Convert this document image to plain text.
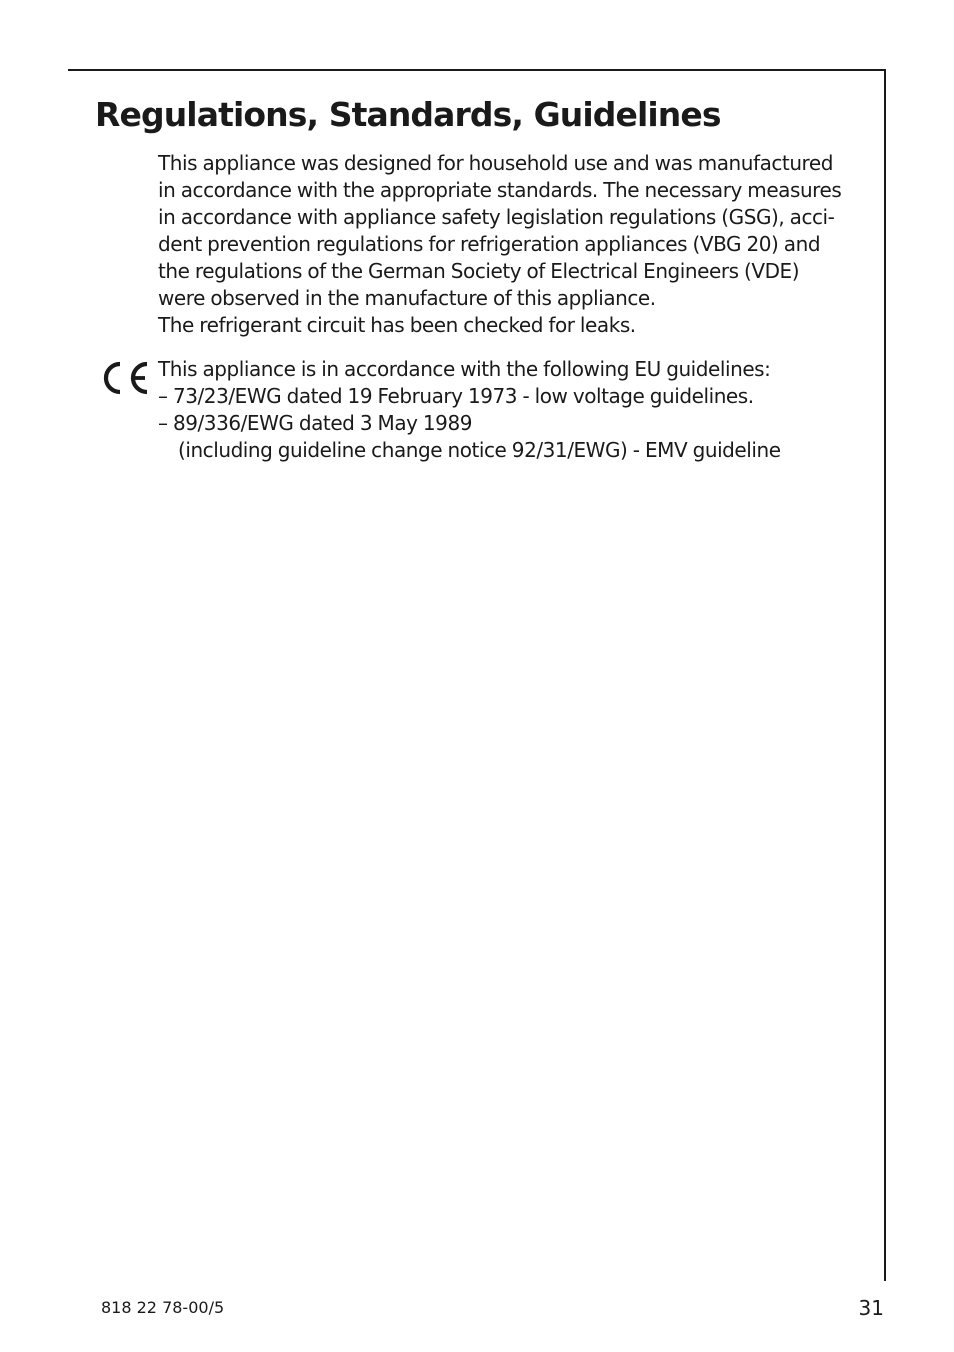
Regulations, Standards, Guidelines
This appliance was designed for household use and was manufactured
in accordance with the appropriate standards. The necessary measures
in accordance with appliance safety legislation regulations (GSG), acci-
dent prevention regulations for refrigeration appliances (VBG 20) and
the regulations of the German Society of Electrical Engineers (VDE)
were observed in the manufacture of this appliance.
The refrigerant circuit has been checked for leaks.
This appliance is in accordance with the following EU guidelines:
– 73/23/EWG dated 19 February 1973 - low voltage guidelines.
– 89/336/EWG dated 3 May 1989
(including guideline change notice 92/31/EWG) - EMV guideline
818 22 78-00/5	31
